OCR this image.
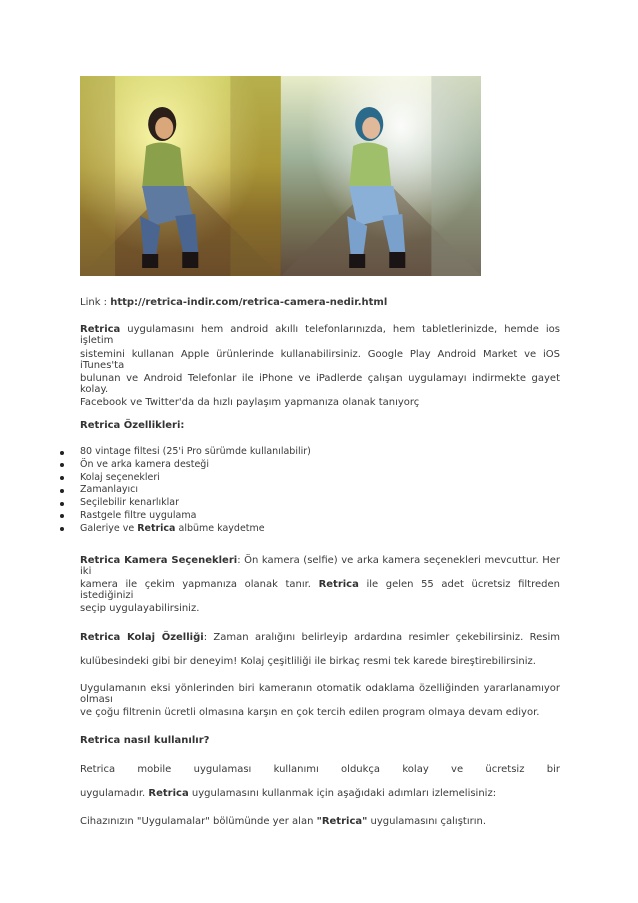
Link : http://retrica-indir.com/retrica-camera-nedir.html
Retrica uygulamasını hem android akıllı telefonlarınızda, hem tabletlerinizde, hemde ios işletim
sistemini kullanan Apple ürünlerinde kullanabilirsiniz. Google Play Android Market ve iOS iTunes'ta
bulunan ve Android Telefonlar ile iPhone ve iPadlerde çalışan uygulamayı indirmekte gayet kolay.
Facebook ve Twitter'da da hızlı paylaşım yapmanıza olanak tanıyorç
Retrica Özellikleri:
80 vintage filtesi (25'i Pro sürümde kullanılabilir)
Ön ve arka kamera desteği
Kolaj seçenekleri
Zamanlayıcı
Seçilebilir kenarlıklar
Rastgele filtre uygulama
Galeriye ve Retrica albüme kaydetme
Retrica Kamera Seçenekleri: Ön kamera (selfie) ve arka kamera seçenekleri mevcuttur. Her iki
kamera ile çekim yapmanıza olanak tanır. Retrica ile gelen 55 adet ücretsiz filtreden istediğinizi
seçip uygulayabilirsiniz.
Retrica Kolaj Özelliği: Zaman aralığını belirleyip ardardına resimler çekebilirsiniz. Resim
kulübesindeki gibi bir deneyim! Kolaj çeşitliliği ile birkaç resmi tek karede bireştirebilirsiniz.
Uygulamanın eksi yönlerinden biri kameranın otomatik odaklama özelliğinden yararlanamıyor olması
ve çoğu filtrenin ücretli olmasına karşın en çok tercih edilen program olmaya devam ediyor.
Retrica nasıl kullanılır?
Retrica mobile uygulaması kullanımı oldukça kolay ve ücretsiz bir
uygulamadır. Retrica uygulamasını kullanmak için aşağıdaki adımları izlemelisiniz:
Cihazınızın "Uygulamalar" bölümünde yer alan "Retrica" uygulamasını çalıştırın.
